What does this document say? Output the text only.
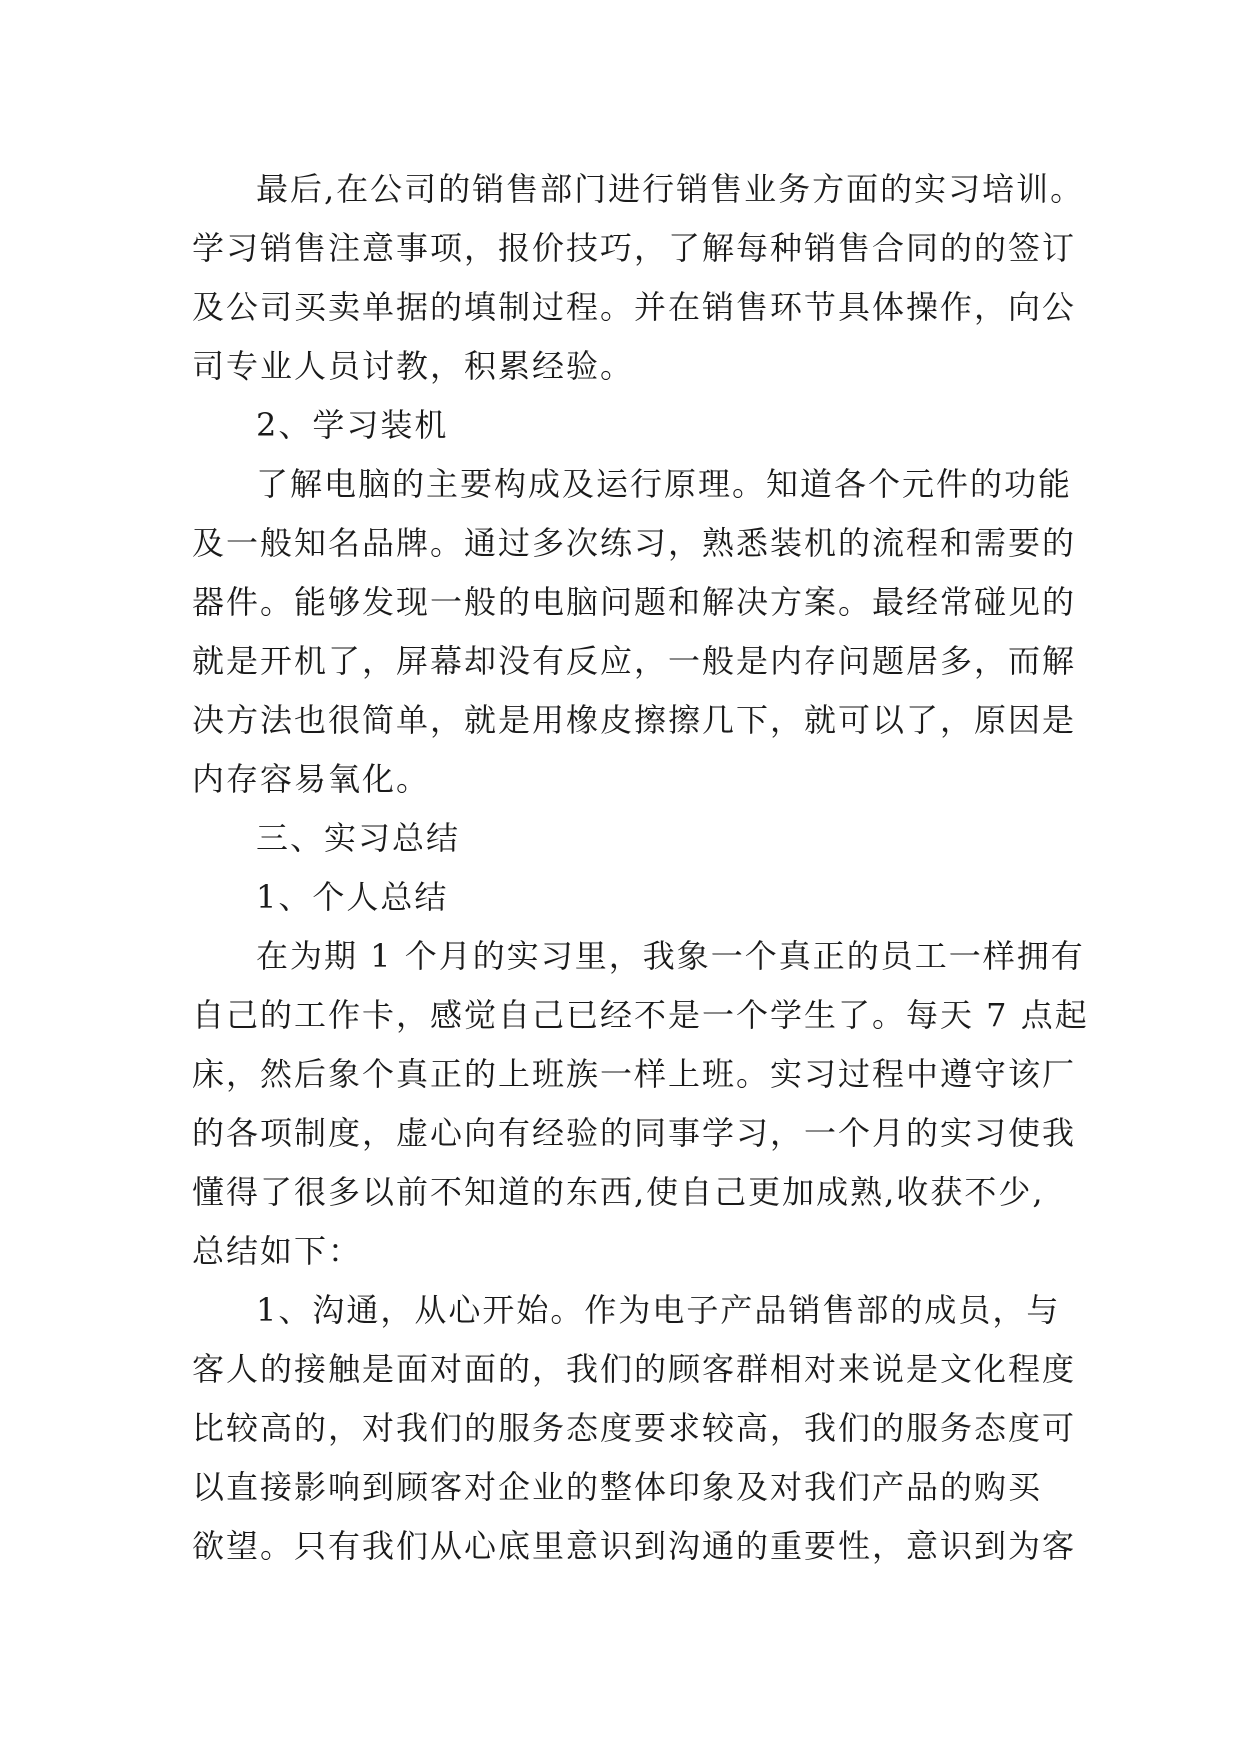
最后,在公司的销售部门进行销售业务方面的实习培训。
学习销售注意事项，报价技巧，了解每种销售合同的的签订
及公司买卖单据的填制过程。并在销售环节具体操作，向公
司专业人员讨教，积累经验。
2、学习装机
了解电脑的主要构成及运行原理。知道各个元件的功能
及一般知名品牌。通过多次练习，熟悉装机的流程和需要的
器件。能够发现一般的电脑问题和解决方案。最经常碰见的
就是开机了，屏幕却没有反应，一般是内存问题居多，而解
决方法也很简单，就是用橡皮擦擦几下，就可以了，原因是
内存容易氧化。
三、实习总结
1、个人总结
在为期 1 个月的实习里，我象一个真正的员工一样拥有
自己的工作卡，感觉自己已经不是一个学生了。每天 7 点起
床，然后象个真正的上班族一样上班。实习过程中遵守该厂
的各项制度，虚心向有经验的同事学习，一个月的实习使我
懂得了很多以前不知道的东西,使自己更加成熟,收获不少,
总结如下：
1、沟通，从心开始。作为电子产品销售部的成员，与
客人的接触是面对面的，我们的顾客群相对来说是文化程度
比较高的，对我们的服务态度要求较高，我们的服务态度可
以直接影响到顾客对企业的整体印象及对我们产品的购买
欲望。只有我们从心底里意识到沟通的重要性，意识到为客
